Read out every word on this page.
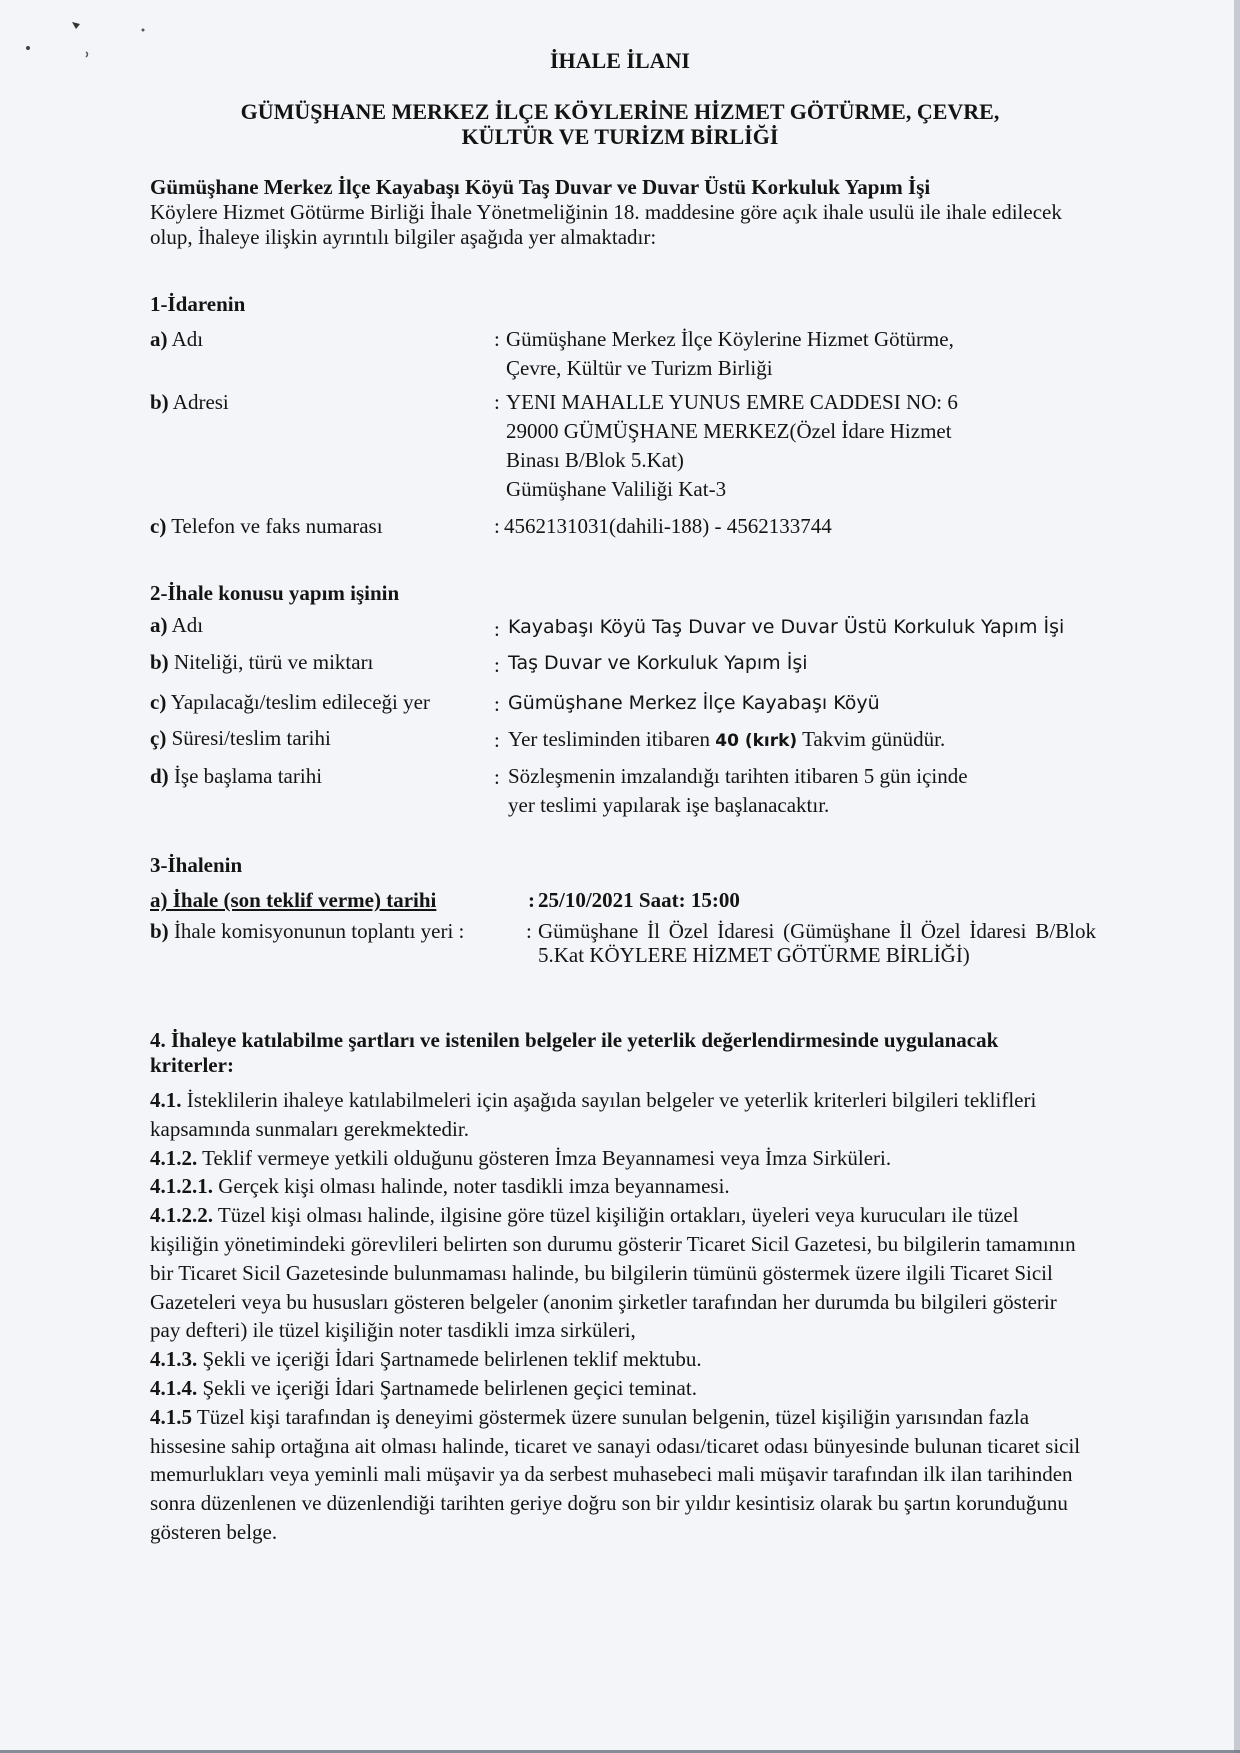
İHALE İLANI
GÜMÜŞHANE MERKEZ İLÇE KÖYLERİNE HİZMET GÖTÜRME, ÇEVRE,
KÜLTÜR VE TURİZM BİRLİĞİ
Gümüşhane Merkez İlçe Kayabaşı Köyü Taş Duvar ve Duvar Üstü Korkuluk Yapım İşi
Köylere Hizmet Götürme Birliği İhale Yönetmeliğinin 18. maddesine göre açık ihale usulü ile ihale edilecek olup, İhaleye ilişkin ayrıntılı bilgiler aşağıda yer almaktadır:
1-İdarenin
a) Adı	: Gümüşhane Merkez İlçe Köylerine Hizmet Götürme,
Çevre, Kültür ve Turizm Birliği
b) Adresi	: YENI MAHALLE YUNUS EMRE CADDESI NO: 6
29000 GÜMÜŞHANE MERKEZ(Özel İdare Hizmet
Binası B/Blok 5.Kat)
Gümüşhane Valiliği Kat-3
c) Telefon ve faks numarası	: 4562131031(dahili-188) - 4562133744
2-İhale konusu yapım işinin
a) Adı	: Kayabaşı Köyü Taş Duvar ve Duvar Üstü Korkuluk Yapım İşi
b) Niteliği, türü ve miktarı	: Taş Duvar ve Korkuluk Yapım İşi
c) Yapılacağı/teslim edileceği yer	: Gümüşhane Merkez İlçe Kayabaşı Köyü
ç) Süresi/teslim tarihi	: Yer tesliminden itibaren 40 (kırk) Takvim günüdür.
d) İşe başlama tarihi	: Sözleşmenin imzalandığı tarihten itibaren 5 gün içinde
yer teslimi yapılarak işe başlanacaktır.
3-İhalenin
a) İhale (son teklif verme) tarihi	: 25/10/2021 Saat: 15:00
b) İhale komisyonunun toplantı yeri :	: Gümüşhane İl Özel İdaresi (Gümüşhane İl Özel İdaresi B/Blok 5.Kat KÖYLERE HİZMET GÖTÜRME BİRLİĞİ)
4. İhaleye katılabilme şartları ve istenilen belgeler ile yeterlik değerlendirmesinde uygulanacak kriterler:
4.1. İsteklilerin ihaleye katılabilmeleri için aşağıda sayılan belgeler ve yeterlik kriterleri bilgileri teklifleri kapsamında sunmaları gerekmektedir.
4.1.2. Teklif vermeye yetkili olduğunu gösteren İmza Beyannamesi veya İmza Sirküleri.
4.1.2.1. Gerçek kişi olması halinde, noter tasdikli imza beyannamesi.
4.1.2.2. Tüzel kişi olması halinde, ilgisine göre tüzel kişiliğin ortakları, üyeleri veya kurucuları ile tüzel kişiliğin yönetimindeki görevlileri belirten son durumu gösterir Ticaret Sicil Gazetesi, bu bilgilerin tamamının bir Ticaret Sicil Gazetesinde bulunmaması halinde, bu bilgilerin tümünü göstermek üzere ilgili Ticaret Sicil Gazeteleri veya bu hususları gösteren belgeler (anonim şirketler tarafından her durumda bu bilgileri gösterir pay defteri) ile tüzel kişiliğin noter tasdikli imza sirküleri,
4.1.3. Şekli ve içeriği İdari Şartnamede belirlenen teklif mektubu.
4.1.4. Şekli ve içeriği İdari Şartnamede belirlenen geçici teminat.
4.1.5 Tüzel kişi tarafından iş deneyimi göstermek üzere sunulan belgenin, tüzel kişiliğin yarısından fazla hissesine sahip ortağına ait olması halinde, ticaret ve sanayi odası/ticaret odası bünyesinde bulunan ticaret sicil memurlukları veya yeminli mali müşavir ya da serbest muhasebeci mali müşavir tarafından ilk ilan tarihinden sonra düzenlenen ve düzenlendiği tarihten geriye doğru son bir yıldır kesintisiz olarak bu şartın korunduğunu gösteren belge.
